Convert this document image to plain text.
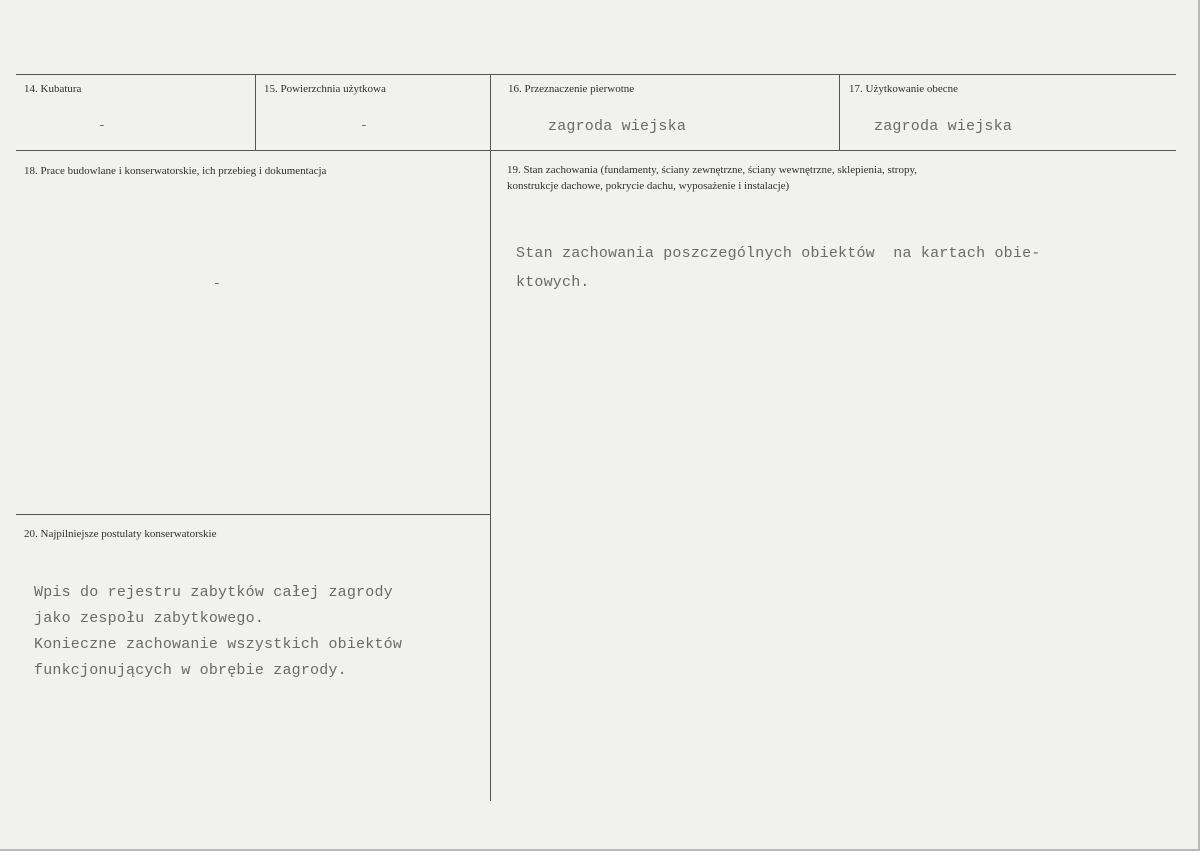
14. Kubatura
-
15. Powierzchnia użytkowa
-
16. Przeznaczenie pierwotne
zagroda wiejska
17. Użytkowanie obecne
zagroda wiejska
18. Prace budowlane i konserwatorskie, ich przebieg i dokumentacja
-
19. Stan zachowania (fundamenty, ściany zewnętrzne, ściany wewnętrzne, sklepienia, stropy,
konstrukcje dachowe, pokrycie dachu, wyposażenie i instalacje)
Stan zachowania poszczególnych obiektów  na kartach obie-
ktowych.
20. Najpilniejsze postulaty konserwatorskie
Wpis do rejestru zabytków całej zagrody
jako zespołu zabytkowego.
Konieczne zachowanie wszystkich obiektów
funkcjonujących w obrębie zagrody.
